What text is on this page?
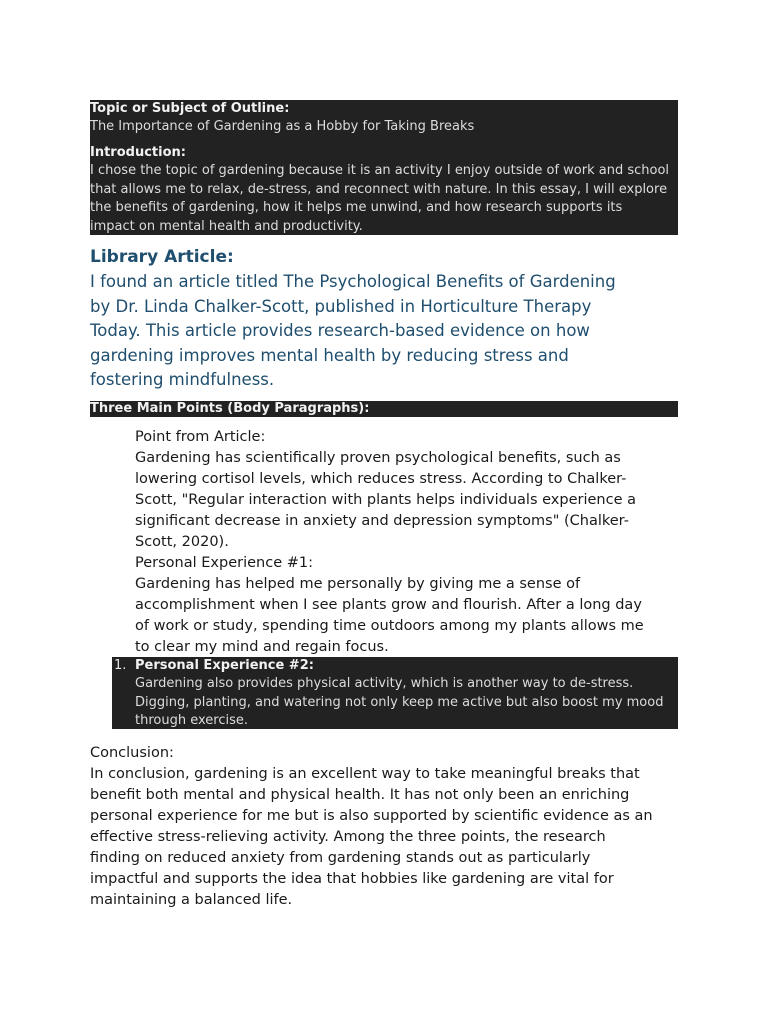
Topic or Subject of Outline:
The Importance of Gardening as a Hobby for Taking Breaks
Introduction:
I chose the topic of gardening because it is an activity I enjoy outside of work and school
that allows me to relax, de-stress, and reconnect with nature. In this essay, I will explore
the benefits of gardening, how it helps me unwind, and how research supports its
impact on mental health and productivity.
Library Article:
I found an article titled The Psychological Benefits of Gardening
by Dr. Linda Chalker-Scott, published in Horticulture Therapy
Today. This article provides research-based evidence on how
gardening improves mental health by reducing stress and
fostering mindfulness.
Three Main Points (Body Paragraphs):
Point from Article:
Gardening has scientifically proven psychological benefits, such as
lowering cortisol levels, which reduces stress. According to Chalker-
Scott, "Regular interaction with plants helps individuals experience a
significant decrease in anxiety and depression symptoms" (Chalker-
Scott, 2020).
Personal Experience #1:
Gardening has helped me personally by giving me a sense of
accomplishment when I see plants grow and flourish. After a long day
of work or study, spending time outdoors among my plants allows me
to clear my mind and regain focus.
1. Personal Experience #2:
Gardening also provides physical activity, which is another way to de-stress.
Digging, planting, and watering not only keep me active but also boost my mood
through exercise.
Conclusion:
In conclusion, gardening is an excellent way to take meaningful breaks that
benefit both mental and physical health. It has not only been an enriching
personal experience for me but is also supported by scientific evidence as an
effective stress-relieving activity. Among the three points, the research
finding on reduced anxiety from gardening stands out as particularly
impactful and supports the idea that hobbies like gardening are vital for
maintaining a balanced life.
